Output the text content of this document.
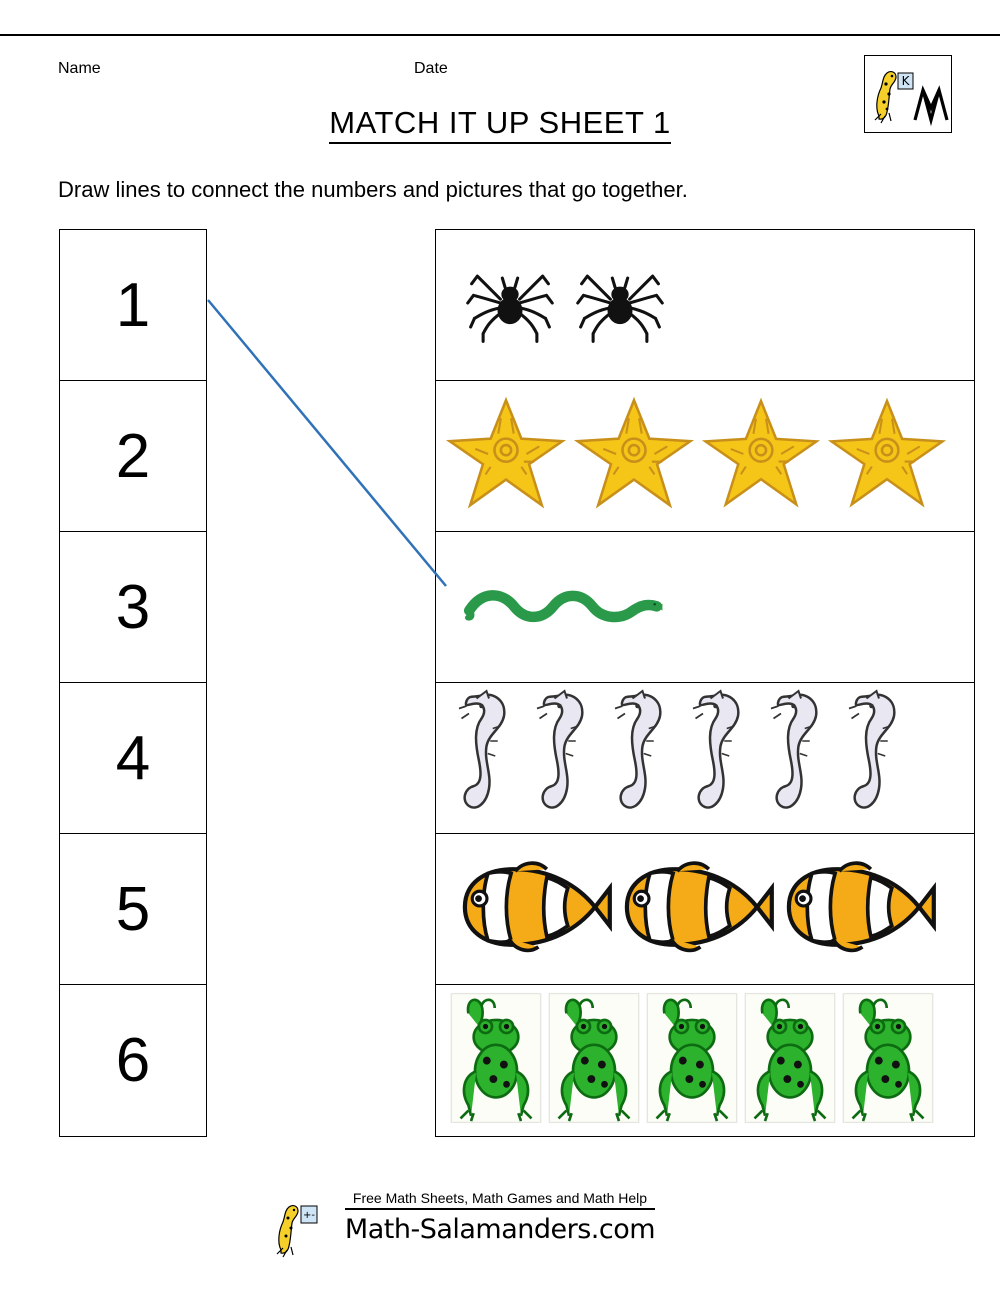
Name	Date
K
MATCH IT UP SHEET 1
Draw lines to connect the numbers and pictures that go together.
1
2
3
4
5
6
+-
Free Math Sheets, Math Games and Math Help
Math-Salamanders.com
